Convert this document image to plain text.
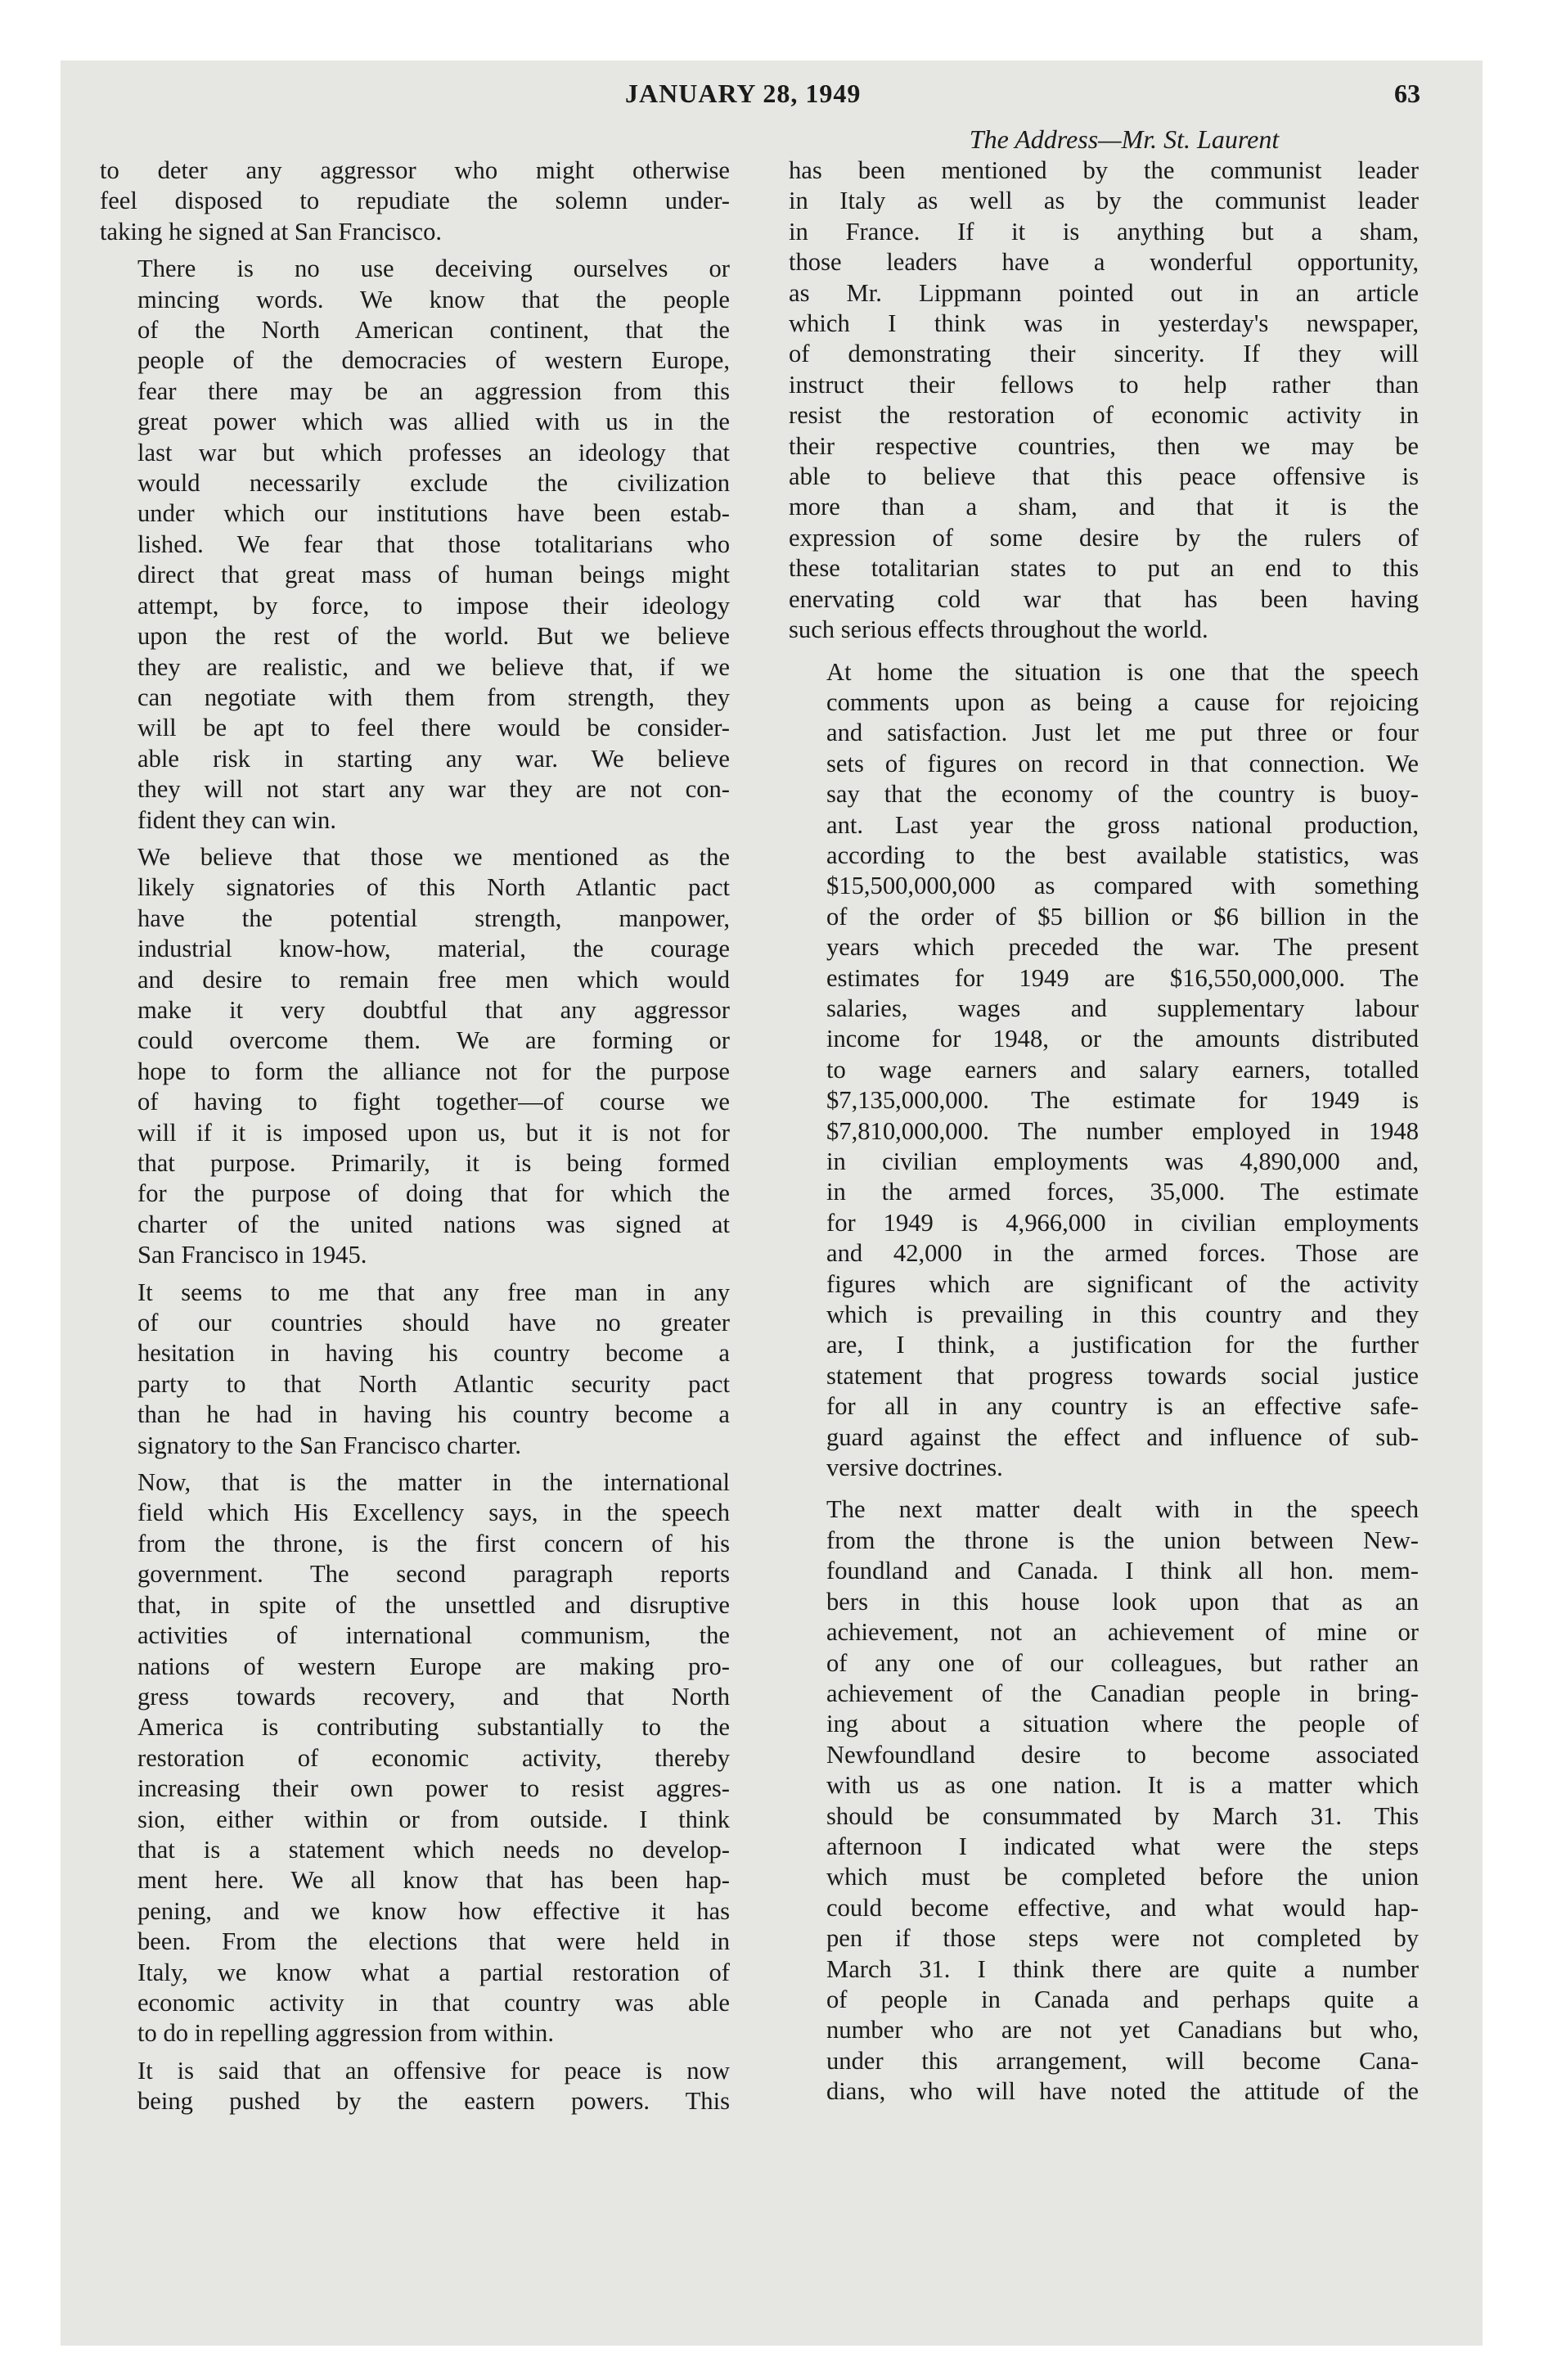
JANUARY 28, 1949	63
The Address—Mr. St. Laurent

to deter any aggressor who might otherwise
feel disposed to repudiate the solemn under-
taking he signed at San Francisco.

There is no use deceiving ourselves or
mincing words. We know that the people
of the North American continent, that the
people of the democracies of western Europe,
fear there may be an aggression from this
great power which was allied with us in the
last war but which professes an ideology that
would necessarily exclude the civilization
under which our institutions have been estab-
lished. We fear that those totalitarians who
direct that great mass of human beings might
attempt, by force, to impose their ideology
upon the rest of the world. But we believe
they are realistic, and we believe that, if we
can negotiate with them from strength, they
will be apt to feel there would be consider-
able risk in starting any war. We believe
they will not start any war they are not con-
fident they can win.

We believe that those we mentioned as the
likely signatories of this North Atlantic pact
have the potential strength, manpower,
industrial know-how, material, the courage
and desire to remain free men which would
make it very doubtful that any aggressor
could overcome them. We are forming or
hope to form the alliance not for the purpose
of having to fight together—of course we
will if it is imposed upon us, but it is not for
that purpose. Primarily, it is being formed
for the purpose of doing that for which the
charter of the united nations was signed at
San Francisco in 1945.

It seems to me that any free man in any
of our countries should have no greater
hesitation in having his country become a
party to that North Atlantic security pact
than he had in having his country become a
signatory to the San Francisco charter.

Now, that is the matter in the international
field which His Excellency says, in the speech
from the throne, is the first concern of his
government. The second paragraph reports
that, in spite of the unsettled and disruptive
activities of international communism, the
nations of western Europe are making pro-
gress towards recovery, and that North
America is contributing substantially to the
restoration of economic activity, thereby
increasing their own power to resist aggres-
sion, either within or from outside. I think
that is a statement which needs no develop-
ment here. We all know that has been hap-
pening, and we know how effective it has
been. From the elections that were held in
Italy, we know what a partial restoration of
economic activity in that country was able
to do in repelling aggression from within.

It is said that an offensive for peace is now
being pushed by the eastern powers. This

has been mentioned by the communist leader
in Italy as well as by the communist leader
in France. If it is anything but a sham,
those leaders have a wonderful opportunity,
as Mr. Lippmann pointed out in an article
which I think was in yesterday's newspaper,
of demonstrating their sincerity. If they will
instruct their fellows to help rather than
resist the restoration of economic activity in
their respective countries, then we may be
able to believe that this peace offensive is
more than a sham, and that it is the
expression of some desire by the rulers of
these totalitarian states to put an end to this
enervating cold war that has been having
such serious effects throughout the world.

At home the situation is one that the speech
comments upon as being a cause for rejoicing
and satisfaction. Just let me put three or four
sets of figures on record in that connection. We
say that the economy of the country is buoy-
ant. Last year the gross national production,
according to the best available statistics, was
$15,500,000,000 as compared with something
of the order of $5 billion or $6 billion in the
years which preceded the war. The present
estimates for 1949 are $16,550,000,000. The
salaries, wages and supplementary labour
income for 1948, or the amounts distributed
to wage earners and salary earners, totalled
$7,135,000,000. The estimate for 1949 is
$7,810,000,000. The number employed in 1948
in civilian employments was 4,890,000 and,
in the armed forces, 35,000. The estimate
for 1949 is 4,966,000 in civilian employments
and 42,000 in the armed forces. Those are
figures which are significant of the activity
which is prevailing in this country and they
are, I think, a justification for the further
statement that progress towards social justice
for all in any country is an effective safe-
guard against the effect and influence of sub-
versive doctrines.

The next matter dealt with in the speech
from the throne is the union between New-
foundland and Canada. I think all hon. mem-
bers in this house look upon that as an
achievement, not an achievement of mine or
of any one of our colleagues, but rather an
achievement of the Canadian people in bring-
ing about a situation where the people of
Newfoundland desire to become associated
with us as one nation. It is a matter which
should be consummated by March 31. This
afternoon I indicated what were the steps
which must be completed before the union
could become effective, and what would hap-
pen if those steps were not completed by
March 31. I think there are quite a number
of people in Canada and perhaps quite a
number who are not yet Canadians but who,
under this arrangement, will become Cana-
dians, who will have noted the attitude of the
